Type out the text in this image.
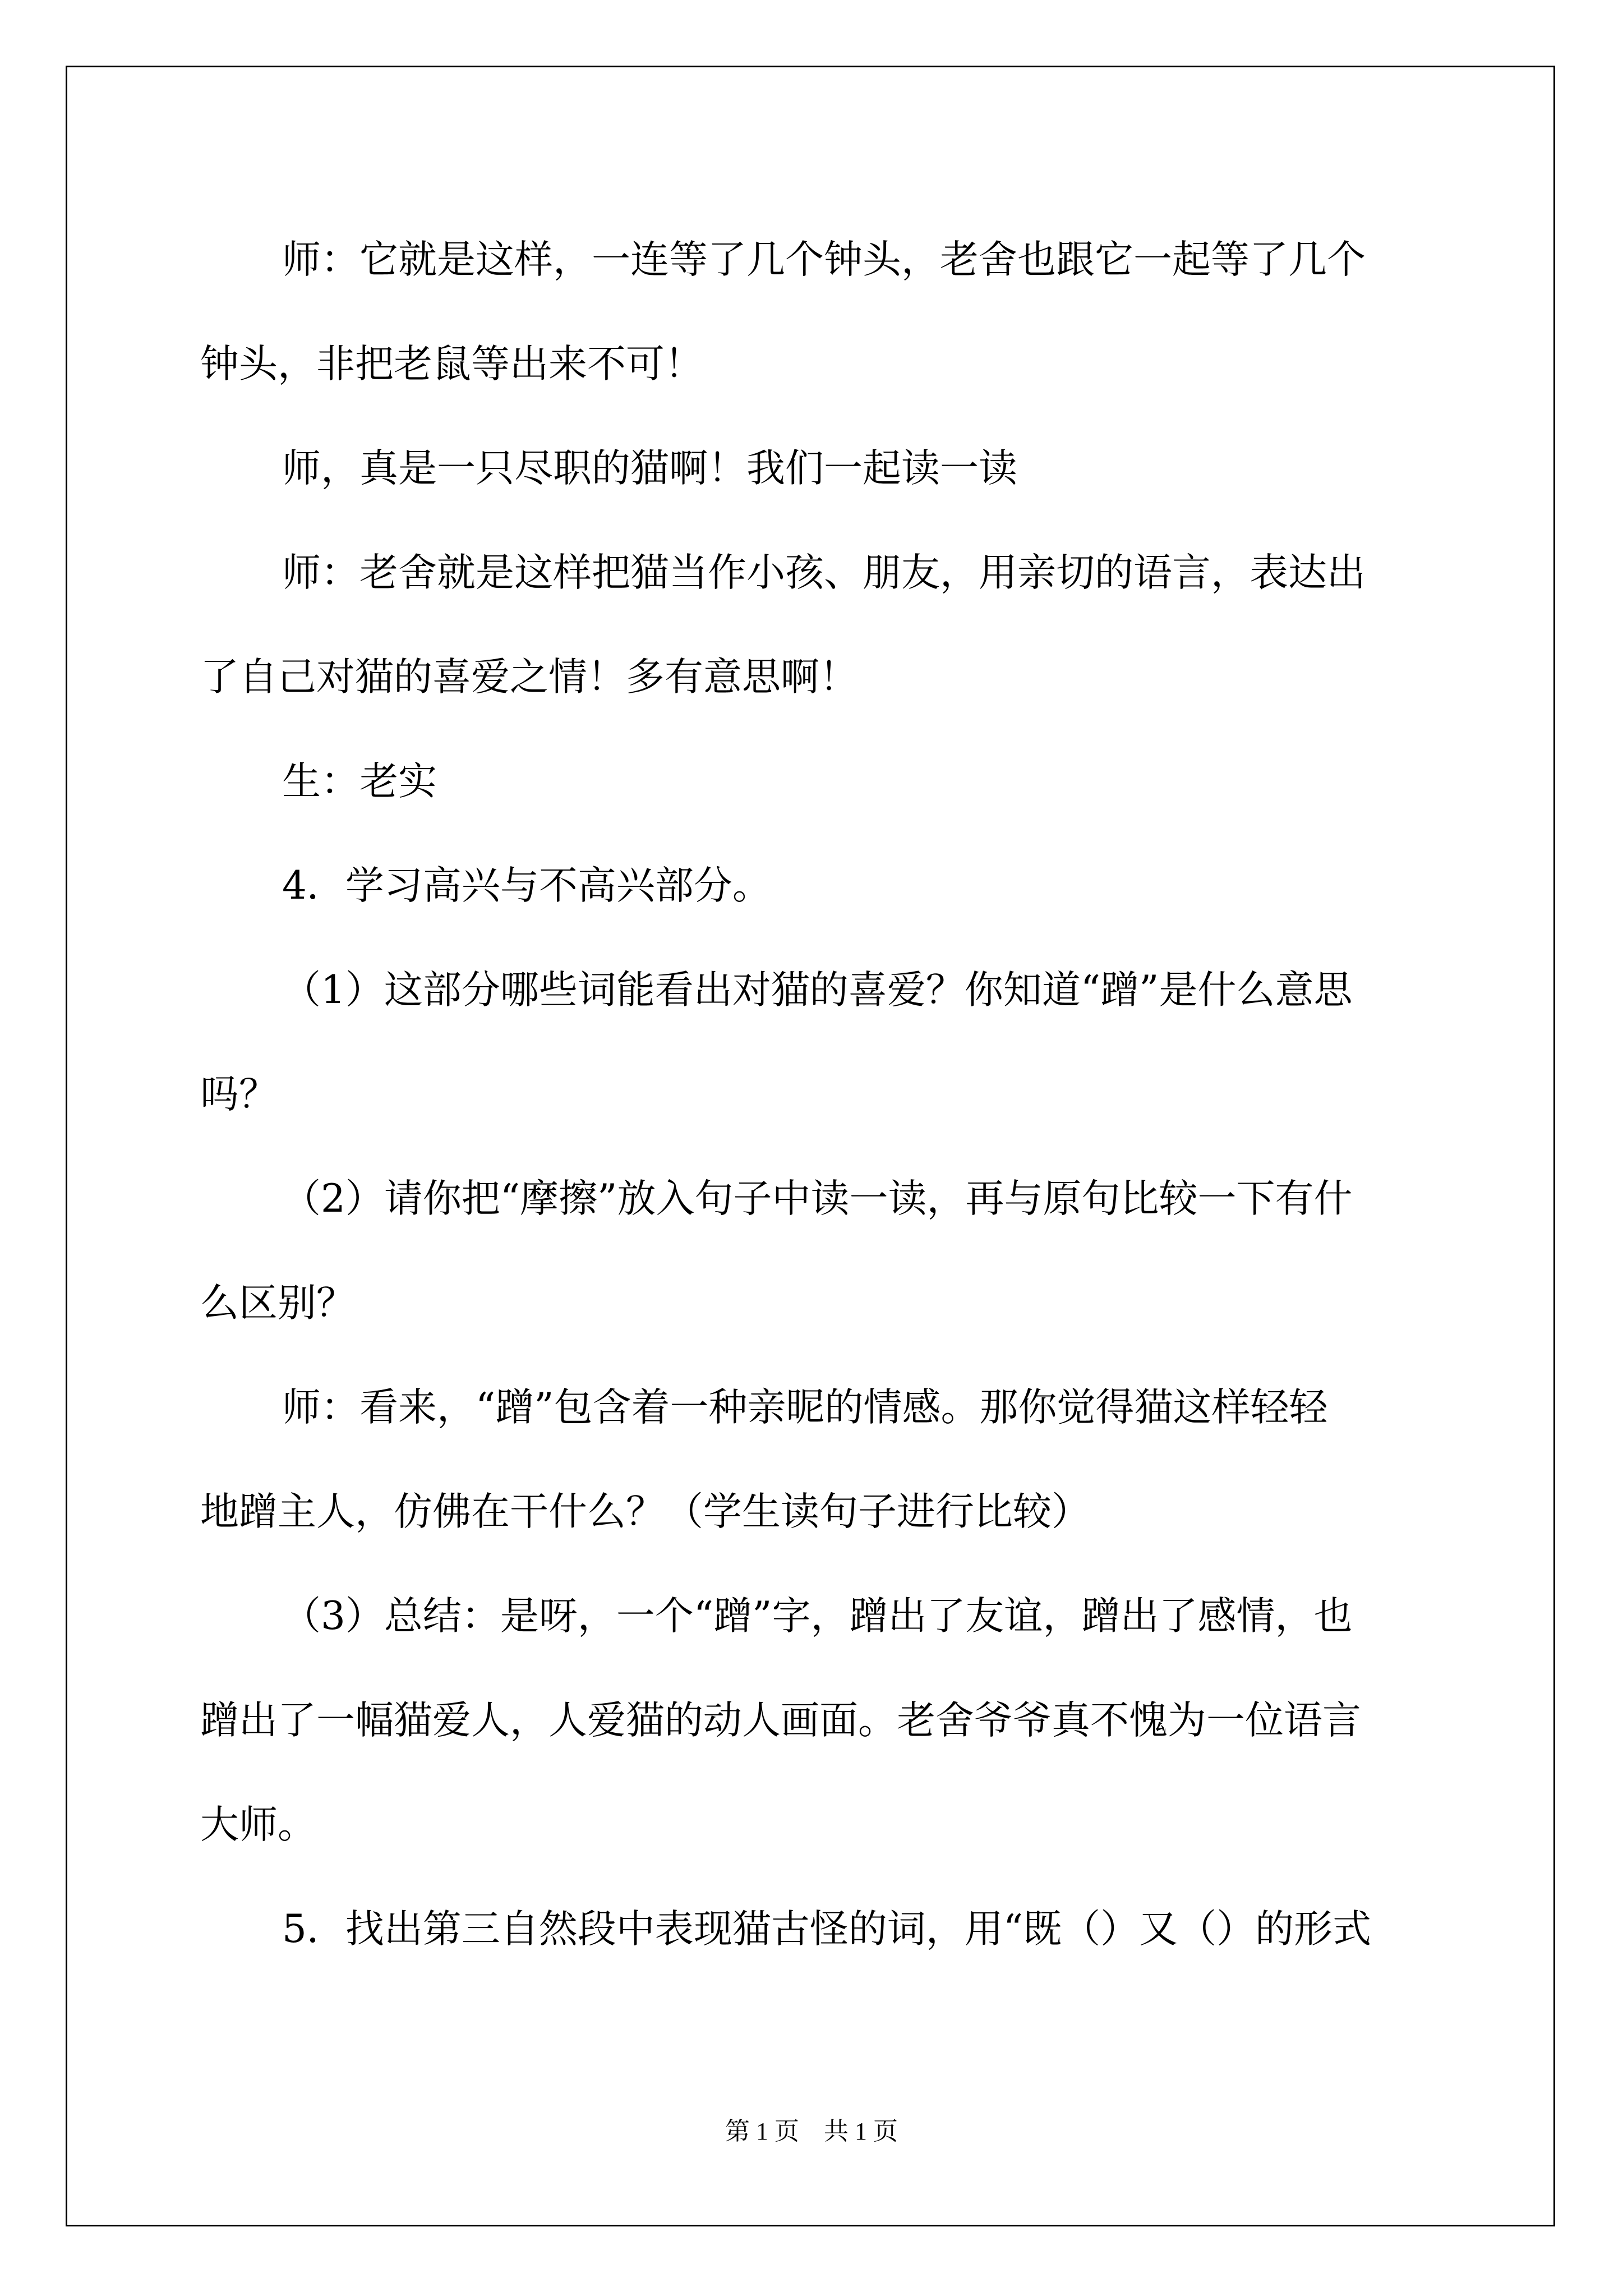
师：它就是这样，一连等了几个钟头，老舍也跟它一起等了几个
钟头，非把老鼠等出来不可！
师，真是一只尽职的猫啊！我们一起读一读
师：老舍就是这样把猫当作小孩、朋友，用亲切的语言，表达出
了自己对猫的喜爱之情！多有意思啊！
生：老实
4．学习高兴与不高兴部分。
（1）这部分哪些词能看出对猫的喜爱？你知道“蹭”是什么意思
吗？
（2）请你把“摩擦”放入句子中读一读，再与原句比较一下有什
么区别？
师：看来，“蹭”包含着一种亲昵的情感。那你觉得猫这样轻轻
地蹭主人，仿佛在干什么？（学生读句子进行比较）
（3）总结：是呀，一个“蹭”字，蹭出了友谊，蹭出了感情，也
蹭出了一幅猫爱人，人爱猫的动人画面。老舍爷爷真不愧为一位语言
大师。
5．找出第三自然段中表现猫古怪的词，用“既（）又（）的形式

第 1 页　共 1 页
